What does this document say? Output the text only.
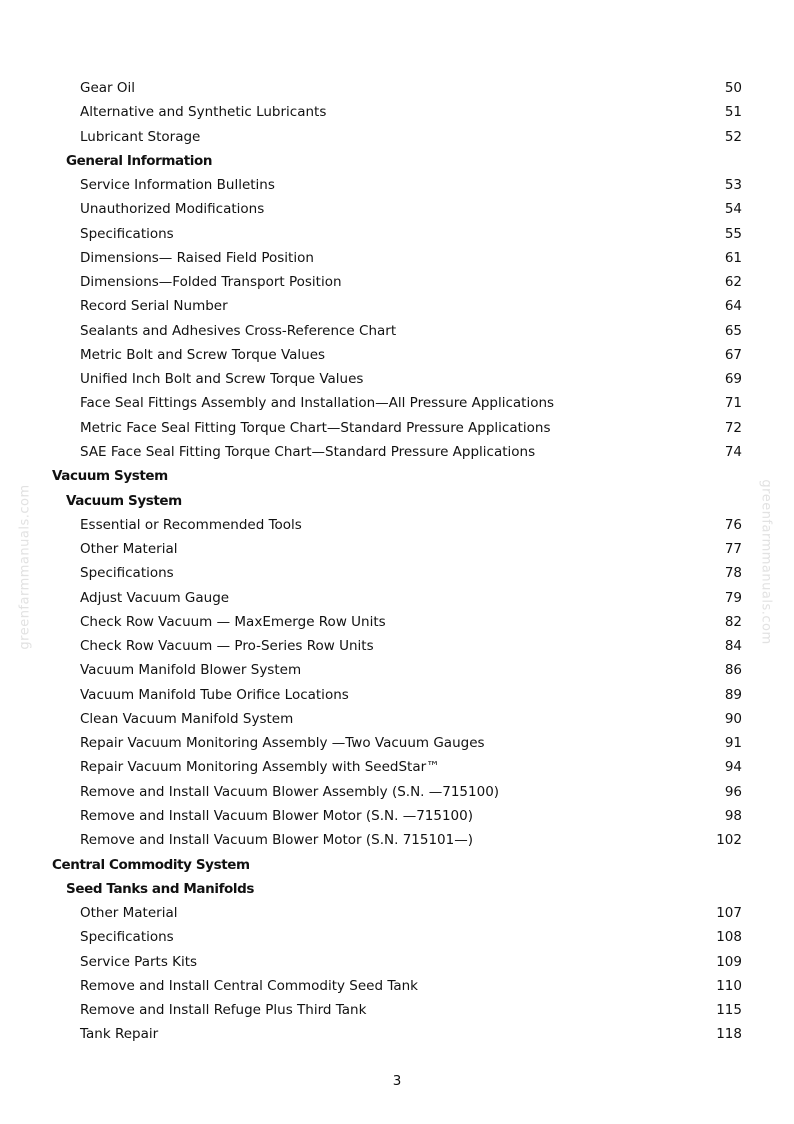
Gear Oil	50
Alternative and Synthetic Lubricants	51
Lubricant Storage	52
General Information
Service Information Bulletins	53
Unauthorized Modifications	54
Specifications	55
Dimensions— Raised Field Position	61
Dimensions—Folded Transport Position	62
Record Serial Number	64
Sealants and Adhesives Cross-Reference Chart	65
Metric Bolt and Screw Torque Values	67
Unified Inch Bolt and Screw Torque Values	69
Face Seal Fittings Assembly and Installation—All Pressure Applications	71
Metric Face Seal Fitting Torque Chart—Standard Pressure Applications	72
SAE Face Seal Fitting Torque Chart—Standard Pressure Applications	74
Vacuum System
Vacuum System
Essential or Recommended Tools	76
Other Material	77
Specifications	78
Adjust Vacuum Gauge	79
Check Row Vacuum — MaxEmerge Row Units	82
Check Row Vacuum — Pro-Series Row Units	84
Vacuum Manifold Blower System	86
Vacuum Manifold Tube Orifice Locations	89
Clean Vacuum Manifold System	90
Repair Vacuum Monitoring Assembly —Two Vacuum Gauges	91
Repair Vacuum Monitoring Assembly with SeedStar™	94
Remove and Install Vacuum Blower Assembly (S.N. —715100)	96
Remove and Install Vacuum Blower Motor (S.N. —715100)	98
Remove and Install Vacuum Blower Motor (S.N. 715101—)	102
Central Commodity System
Seed Tanks and Manifolds
Other Material	107
Specifications	108
Service Parts Kits	109
Remove and Install Central Commodity Seed Tank	110
Remove and Install Refuge Plus Third Tank	115
Tank Repair	118
3
greenfarmmanuals.com	greenfarmmanuals.com
